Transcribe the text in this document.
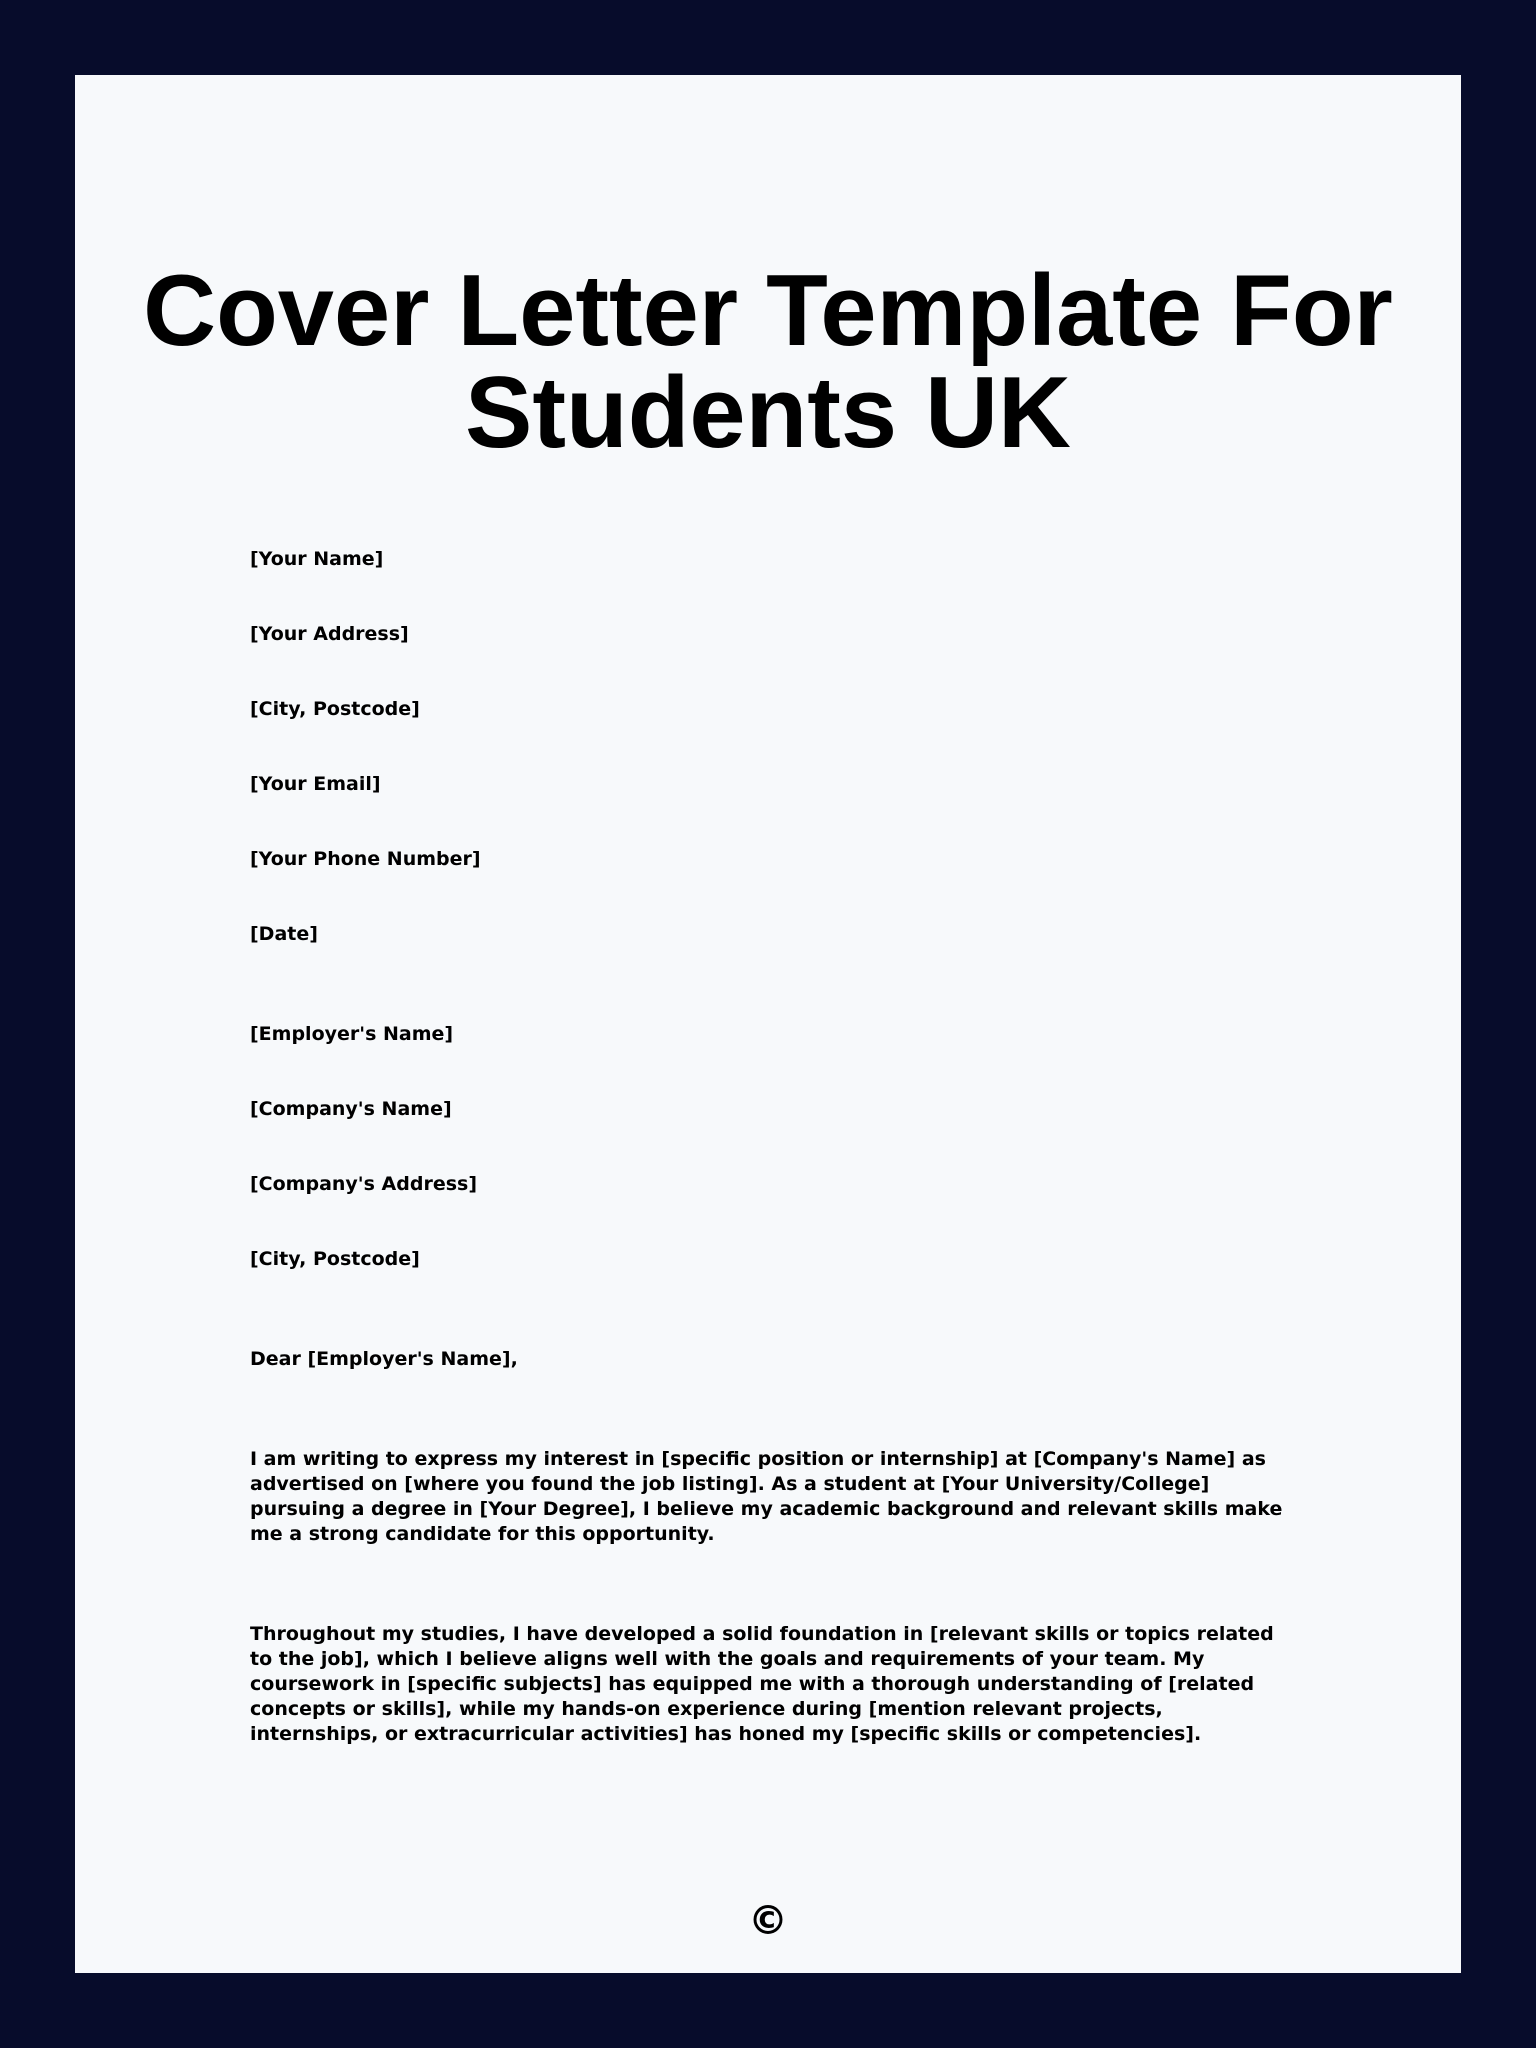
Cover Letter Template For Students UK
[Your Name]
[Your Address]
[City, Postcode]
[Your Email]
[Your Phone Number]
[Date]
[Employer's Name]
[Company's Name]
[Company's Address]
[City, Postcode]
Dear [Employer's Name],

I am writing to express my interest in [specific position or internship] at [Company's Name] as advertised on [where you found the job listing]. As a student at [Your University/College] pursuing a degree in [Your Degree], I believe my academic background and relevant skills make me a strong candidate for this opportunity.

Throughout my studies, I have developed a solid foundation in [relevant skills or topics related to the job], which I believe aligns well with the goals and requirements of your team. My coursework in [specific subjects] has equipped me with a thorough understanding of [related concepts or skills], while my hands-on experience during [mention relevant projects, internships, or extracurricular activities] has honed my [specific skills or competencies].

©
